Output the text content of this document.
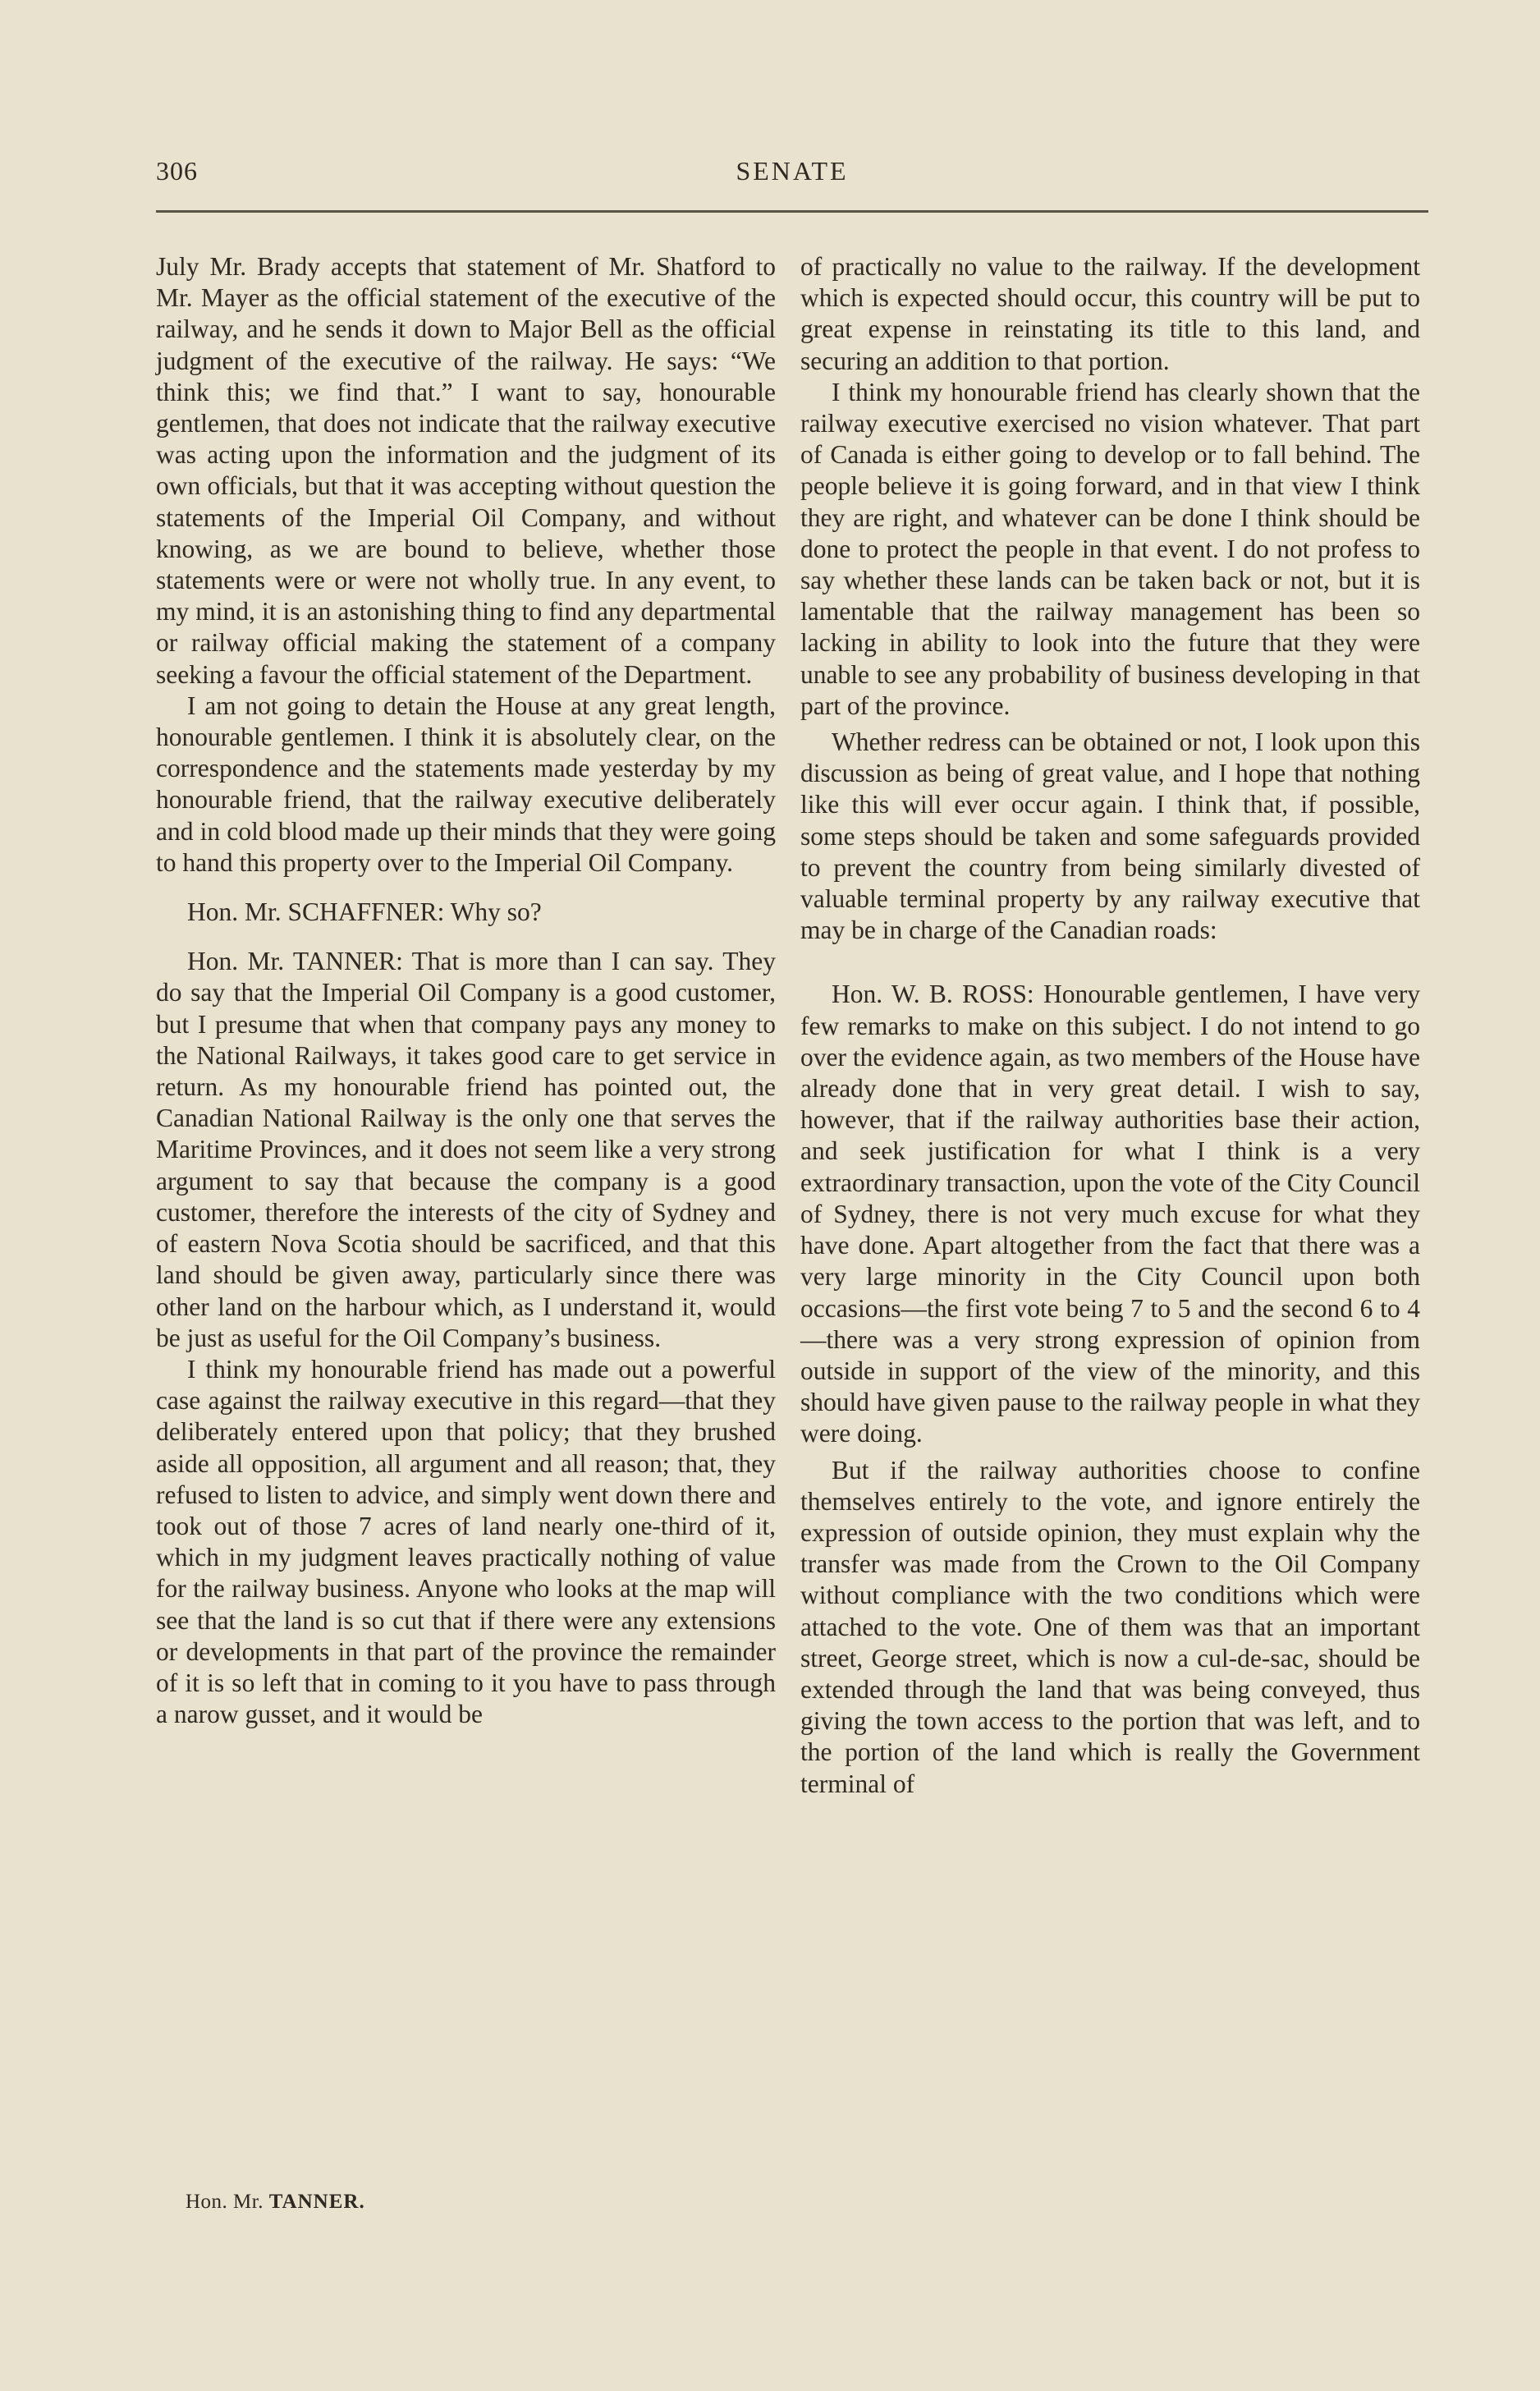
306	SENATE

July Mr. Brady accepts that statement of Mr. Shatford to Mr. Mayer as the official statement of the executive of the railway, and he sends it down to Major Bell as the official judgment of the executive of the railway. He says: “We think this; we find that.” I want to say, honourable gentlemen, that does not indicate that the railway executive was acting upon the information and the judgment of its own officials, but that it was accepting without question the statements of the Imperial Oil Company, and without knowing, as we are bound to believe, whether those statements were or were not wholly true. In any event, to my mind, it is an astonishing thing to find any departmental or railway official making the statement of a company seeking a favour the official statement of the Department.

I am not going to detain the House at any great length, honourable gentlemen. I think it is absolutely clear, on the correspondence and the statements made yesterday by my honourable friend, that the railway executive deliberately and in cold blood made up their minds that they were going to hand this property over to the Imperial Oil Company.

Hon. Mr. SCHAFFNER: Why so?

Hon. Mr. TANNER: That is more than I can say. They do say that the Imperial Oil Company is a good customer, but I presume that when that company pays any money to the National Railways, it takes good care to get service in return. As my honourable friend has pointed out, the Canadian National Railway is the only one that serves the Maritime Provinces, and it does not seem like a very strong argument to say that because the company is a good customer, therefore the interests of the city of Sydney and of eastern Nova Scotia should be sacrificed, and that this land should be given away, particularly since there was other land on the harbour which, as I understand it, would be just as useful for the Oil Company’s business.

I think my honourable friend has made out a powerful case against the railway executive in this regard—that they deliberately entered upon that policy; that they brushed aside all opposition, all argument and all reason; that, they refused to listen to advice, and simply went down there and took out of those 7 acres of land nearly one-third of it, which in my judgment leaves practically nothing of value for the railway business. Anyone who looks at the map will see that the land is so cut that if there were any extensions or developments in that part of the province the remainder of it is so left that in coming to it you have to pass through a narow gusset, and it would be

of practically no value to the railway. If the development which is expected should occur, this country will be put to great expense in reinstating its title to this land, and securing an addition to that portion.

I think my honourable friend has clearly shown that the railway executive exercised no vision whatever. That part of Canada is either going to develop or to fall behind. The people believe it is going forward, and in that view I think they are right, and whatever can be done I think should be done to protect the people in that event. I do not profess to say whether these lands can be taken back or not, but it is lamentable that the railway management has been so lacking in ability to look into the future that they were unable to see any probability of business developing in that part of the province.

Whether redress can be obtained or not, I look upon this discussion as being of great value, and I hope that nothing like this will ever occur again. I think that, if possible, some steps should be taken and some safeguards provided to prevent the country from being similarly divested of valuable terminal property by any railway executive that may be in charge of the Canadian roads:

Hon. W. B. ROSS: Honourable gentlemen, I have very few remarks to make on this subject. I do not intend to go over the evidence again, as two members of the House have already done that in very great detail. I wish to say, however, that if the railway authorities base their action, and seek justification for what I think is a very extraordinary transaction, upon the vote of the City Council of Sydney, there is not very much excuse for what they have done. Apart altogether from the fact that there was a very large minority in the City Council upon both occasions—the first vote being 7 to 5 and the second 6 to 4—there was a very strong expression of opinion from outside in support of the view of the minority, and this should have given pause to the railway people in what they were doing.

But if the railway authorities choose to confine themselves entirely to the vote, and ignore entirely the expression of outside opinion, they must explain why the transfer was made from the Crown to the Oil Company without compliance with the two conditions which were attached to the vote. One of them was that an important street, George street, which is now a cul-de-sac, should be extended through the land that was being conveyed, thus giving the town access to the portion that was left, and to the portion of the land which is really the Government terminal of

Hon. Mr. TANNER.
